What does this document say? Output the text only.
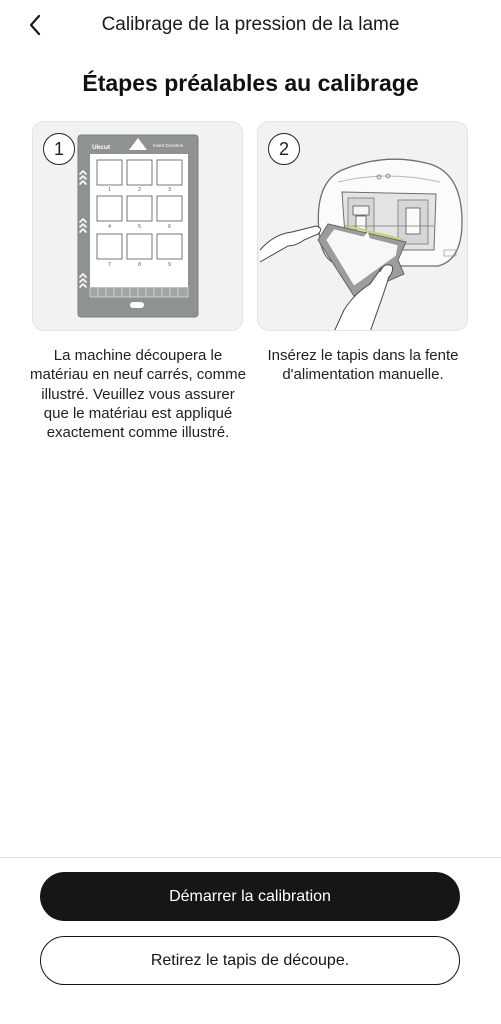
Calibrage de la pression de la lame
Étapes préalables au calibrage
Ukcut	Insert Direction
1	2	3
4	5	6
7	8	9
1	2
La machine découpera le matériau en neuf carrés, comme illustré. Veuillez vous assurer que le matériau est appliqué exactement comme illustré.
Insérez le tapis dans la fente d'alimentation manuelle.
Démarrer la calibration
Retirez le tapis de découpe.
